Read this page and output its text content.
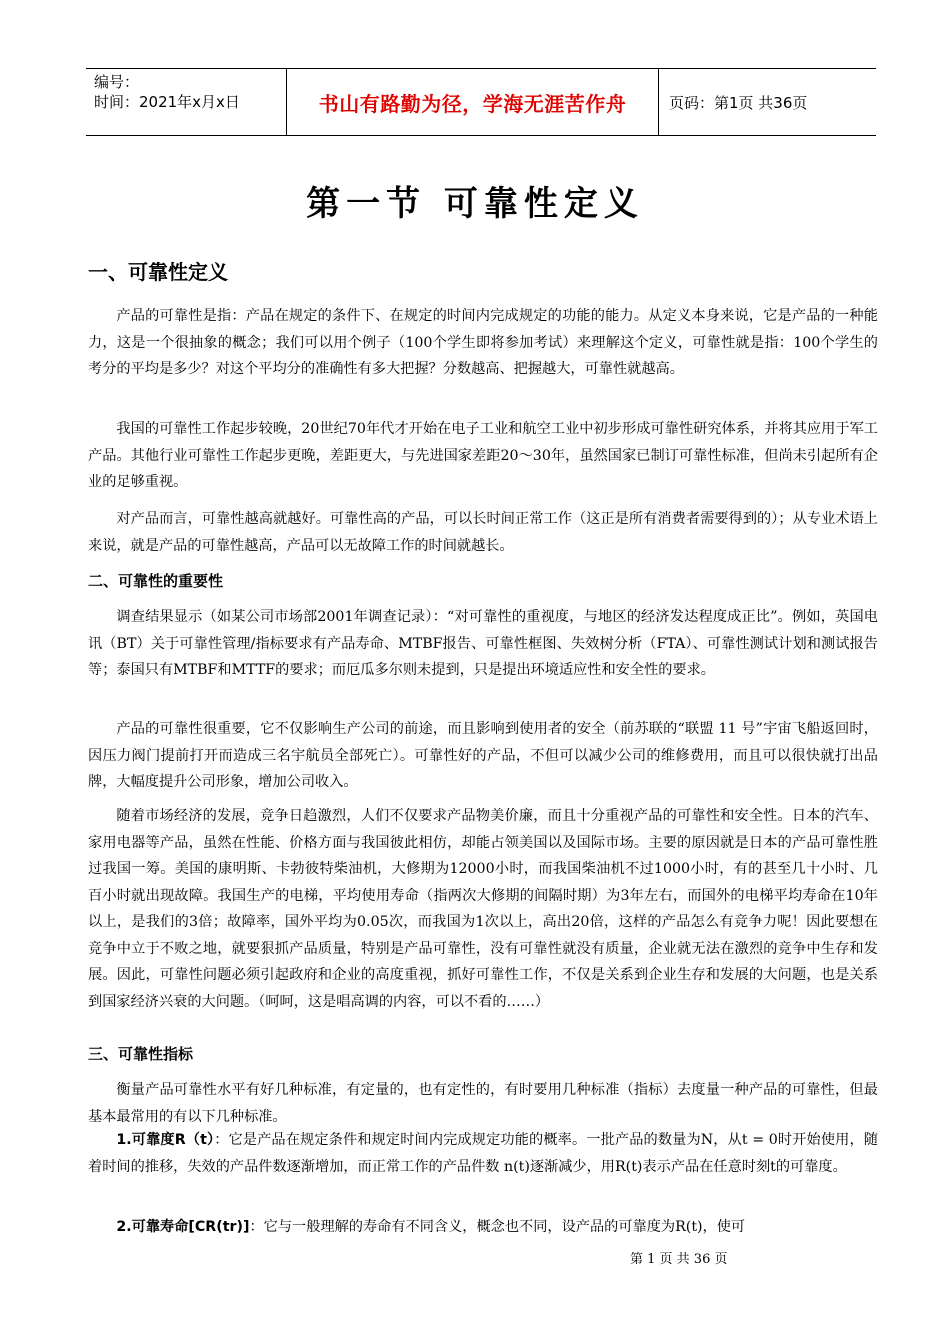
编号：
时间：2021年x月x日	书山有路勤为径，学海无涯苦作舟	页码：第1页 共36页
第一节 可靠性定义
一、可靠性定义
产品的可靠性是指：产品在规定的条件下、在规定的时间内完成规定的功能的能力。从定义本身来说，它是产品的一种能力，这是一个很抽象的概念；我们可以用个例子（100个学生即将参加考试）来理解这个定义，可靠性就是指：100个学生的考分的平均是多少？对这个平均分的准确性有多大把握？分数越高、把握越大，可靠性就越高。
我国的可靠性工作起步较晚，20世纪70年代才开始在电子工业和航空工业中初步形成可靠性研究体系，并将其应用于军工产品。其他行业可靠性工作起步更晚，差距更大，与先进国家差距20～30年，虽然国家已制订可靠性标准，但尚未引起所有企业的足够重视。
对产品而言，可靠性越高就越好。可靠性高的产品，可以长时间正常工作（这正是所有消费者需要得到的）；从专业术语上来说，就是产品的可靠性越高，产品可以无故障工作的时间就越长。
二、可靠性的重要性
调查结果显示（如某公司市场部2001年调查记录）：“对可靠性的重视度，与地区的经济发达程度成正比”。例如，英国电讯（BT）关于可靠性管理/指标要求有产品寿命、MTBF报告、可靠性框图、失效树分析（FTA）、可靠性测试计划和测试报告等；泰国只有MTBF和MTTF的要求；而厄瓜多尔则未提到，只是提出环境适应性和安全性的要求。
产品的可靠性很重要，它不仅影响生产公司的前途，而且影响到使用者的安全（前苏联的“联盟 11 号”宇宙飞船返回时，因压力阀门提前打开而造成三名宇航员全部死亡）。可靠性好的产品，不但可以减少公司的维修费用，而且可以很快就打出品牌，大幅度提升公司形象，增加公司收入。
随着市场经济的发展，竞争日趋激烈，人们不仅要求产品物美价廉，而且十分重视产品的可靠性和安全性。日本的汽车、家用电器等产品，虽然在性能、价格方面与我国彼此相仿，却能占领美国以及国际市场。主要的原因就是日本的产品可靠性胜过我国一筹。美国的康明斯、卡勃彼特柴油机，大修期为12000小时，而我国柴油机不过1000小时，有的甚至几十小时、几百小时就出现故障。我国生产的电梯，平均使用寿命（指两次大修期的间隔时期）为3年左右，而国外的电梯平均寿命在10年以上，是我们的3倍；故障率，国外平均为0.05次，而我国为1次以上，高出20倍，这样的产品怎么有竞争力呢！因此要想在竞争中立于不败之地，就要狠抓产品质量，特别是产品可靠性，没有可靠性就没有质量，企业就无法在激烈的竞争中生存和发展。因此，可靠性问题必须引起政府和企业的高度重视，抓好可靠性工作，不仅是关系到企业生存和发展的大问题，也是关系到国家经济兴衰的大问题。（呵呵，这是唱高调的内容，可以不看的……）
三、可靠性指标
衡量产品可靠性水平有好几种标准，有定量的，也有定性的，有时要用几种标准（指标）去度量一种产品的可靠性，但最基本最常用的有以下几种标准。
1.可靠度R（t）：它是产品在规定条件和规定时间内完成规定功能的概率。一批产品的数量为N，从t = 0时开始使用，随着时间的推移，失效的产品件数逐渐增加，而正常工作的产品件数 n(t)逐渐减少，用R(t)表示产品在任意时刻t的可靠度。
2.可靠寿命[CR(tr)]：它与一般理解的寿命有不同含义，概念也不同，设产品的可靠度为R(t)，使可
第 1 页 共 36 页
